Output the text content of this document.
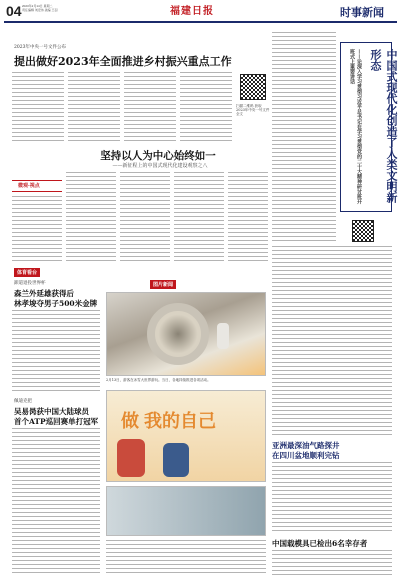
04 2023年2月14日 星期二
责任编辑 刘宏伟 美编 王羽	福建日报	时事新闻
2023年中央一号文件公布
提出做好2023年全面推进乡村振兴重点工作
扫描二维码 获取2023年中央一号文件全文
坚持以人为中心始终如一
——新征程上的中国式现代化建设观察之八
微观·视点
体育看台
卸道退役世界杯
森兰外延雄获得后
林孝埈夺男子500米金牌
佩迪克把
吴易昺获中国大陆球员
首个ATP巡回赛单打冠军
图片新闻
2月13日，游客在冰雪大世界游玩。当日，各地持续推进各项活动。
做 我的自己
中国式现代化创造了人类文明新形态
——论深入学习贯彻习近平总书记在学习贯彻党的二十大精神研讨班开班式上重要讲话
亚洲最深油气路探井
在四川盆地顺利完钻
中国载模具已检出6名幸存者
